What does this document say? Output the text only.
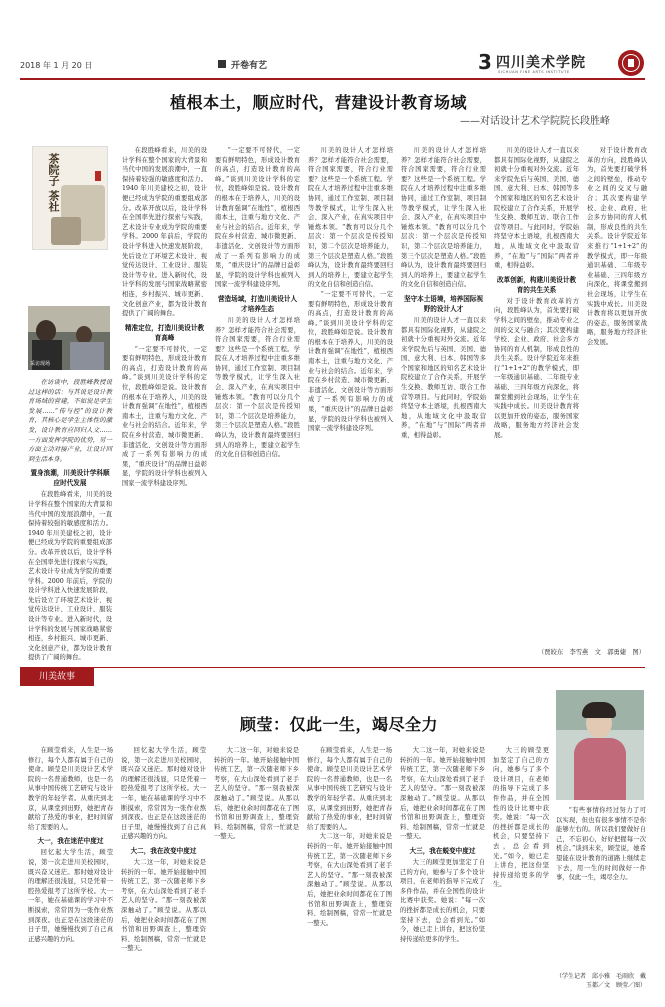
2018 年 1 月 20 日	开卷有艺	3 四川美术学院
SICHUAN FINE ARTS INSTITUTE
植根本土，顺应时代，营建设计教育场域
——对话设计艺术学院院长段胜峰
茶院子 茶社
采访现场
在访谈中，段胜峰教授说过这样的话：与其说是设计教育场域的营建，不如说是学生发展……“传与控”的设计教育，其核心是学生主体性的激发，设计教育应回归人文……一方面发挥学院的优势，另一方面主动对接产业，让设计回到生活本身。
置身浪潮，川美设计学科顺应时代发展
在段胜峰看来，川美的设计学科在整个国家的大背景和当代中国的发展浪潮中，一直保持着较强的敏感度和活力。1940 年川美建校之初，设计便已经成为学院的重要组成部分。改革开放以后，设计学科在全国率先进行探索与实践，艺术设计专业成为学院的重要学科。2000 年前后，学院的设计学科进入快速发展阶段，先后设立了环境艺术设计、视觉传达设计、工业设计、服装设计等专业。进入新时代，设计学科的发展与国家战略紧密相连，乡村振兴、城市更新、文化创意产业，都为设计教育提供了广阔的舞台。
在段胜峰看来，川美的设计学科在整个国家的大背景和当代中国的发展浪潮中，一直保持着较强的敏感度和活力。1940 年川美建校之初，设计便已经成为学院的重要组成部分。改革开放以后，设计学科在全国率先进行探索与实践，艺术设计专业成为学院的重要学科。2000 年前后，学院的设计学科进入快速发展阶段，先后设立了环境艺术设计、视觉传达设计、工业设计、服装设计等专业。进入新时代，设计学科的发展与国家战略紧密相连，乡村振兴、城市更新、文化创意产业，都为设计教育提供了广阔的舞台。
精准定位，打造川美设计教育高峰
“一定要不可替代，一定要有鲜明特色，形成设计教育的高点，打造设计教育的高峰。”谈到川美设计学科的定位，段胜峰如是说。设计教育的根本在于培养人，川美的设计教育强调“在地性”，植根西南本土，注重与地方文化、产业与社会的结合。近年来，学院在乡村营造、城市微更新、非遗活化、文创设计等方面形成了一系列有影响力的成果，“重庆设计”的品牌日益彰显，学院的设计学科也被列入国家一流学科建设序列。
“一定要不可替代，一定要有鲜明特色，形成设计教育的高点，打造设计教育的高峰。”谈到川美设计学科的定位，段胜峰如是说。设计教育的根本在于培养人，川美的设计教育强调“在地性”，植根西南本土，注重与地方文化、产业与社会的结合。近年来，学院在乡村营造、城市微更新、非遗活化、文创设计等方面形成了一系列有影响力的成果，“重庆设计”的品牌日益彰显，学院的设计学科也被列入国家一流学科建设序列。
营造场域，打造川美设计人才培养生态
川美的设计人才怎样培养？怎样才能符合社会需要，符合国家需要，符合行业需要？这些是一个系统工程。学院在人才培养过程中注重多维协同，通过工作室制、项目制等教学模式，让学生深入社会、深入产业，在真实项目中锤炼本领。“教育可以分几个层次：第一个层次是传授知识，第二个层次是培养能力，第三个层次是塑造人格。”段胜峰认为，设计教育最终要回归到人的培养上，要建立起学生的文化自信和创造自信。
川美的设计人才怎样培养？怎样才能符合社会需要，符合国家需要，符合行业需要？这些是一个系统工程。学院在人才培养过程中注重多维协同，通过工作室制、项目制等教学模式，让学生深入社会、深入产业，在真实项目中锤炼本领。“教育可以分几个层次：第一个层次是传授知识，第二个层次是培养能力，第三个层次是塑造人格。”段胜峰认为，设计教育最终要回归到人的培养上，要建立起学生的文化自信和创造自信。
“一定要不可替代，一定要有鲜明特色，形成设计教育的高点，打造设计教育的高峰。”谈到川美设计学科的定位，段胜峰如是说。设计教育的根本在于培养人，川美的设计教育强调“在地性”，植根西南本土，注重与地方文化、产业与社会的结合。近年来，学院在乡村营造、城市微更新、非遗活化、文创设计等方面形成了一系列有影响力的成果，“重庆设计”的品牌日益彰显，学院的设计学科也被列入国家一流学科建设序列。
川美的设计人才怎样培养？怎样才能符合社会需要，符合国家需要，符合行业需要？这些是一个系统工程。学院在人才培养过程中注重多维协同，通过工作室制、项目制等教学模式，让学生深入社会、深入产业，在真实项目中锤炼本领。“教育可以分几个层次：第一个层次是传授知识，第二个层次是培养能力，第三个层次是塑造人格。”段胜峰认为，设计教育最终要回归到人的培养上，要建立起学生的文化自信和创造自信。
坚守本土语境，培养国际视野的设计人才
川美的设计人才一直以来都具有国际化视野，从建院之初就十分重视对外交流。近年来学院先后与英国、美国、德国、意大利、日本、韩国等多个国家和地区的知名艺术设计院校建立了合作关系，开展学生交换、教师互访、联合工作营等项目。与此同时，学院始终坚守本土语境，扎根西南大地，从地域文化中汲取营养，“在地”与“国际”两者并重，相得益彰。
川美的设计人才一直以来都具有国际化视野，从建院之初就十分重视对外交流。近年来学院先后与英国、美国、德国、意大利、日本、韩国等多个国家和地区的知名艺术设计院校建立了合作关系，开展学生交换、教师互访、联合工作营等项目。与此同时，学院始终坚守本土语境，扎根西南大地，从地域文化中汲取营养，“在地”与“国际”两者并重，相得益彰。
改革创新，构建川美设计教育的共生关系
对于设计教育改革的方向，段胜峰认为，首先要打破学科之间的壁垒，推动专业之间的交叉与融合；其次要构建学校、企业、政府、社会多方协同的育人机制，形成良性的共生关系。设计学院近年来推行“1+1+2”的教学模式，即一年级通识基础、二年级专业基础、三四年级方向深化，将课堂搬到社会现场，让学生在实践中成长。川美设计教育将以更加开放的姿态，服务国家战略，服务地方经济社会发展。
对于设计教育改革的方向，段胜峰认为，首先要打破学科之间的壁垒，推动专业之间的交叉与融合；其次要构建学校、企业、政府、社会多方协同的育人机制，形成良性的共生关系。设计学院近年来推行“1+1+2”的教学模式，即一年级通识基础、二年级专业基础、三四年级方向深化，将课堂搬到社会现场，让学生在实践中成长。川美设计教育将以更加开放的姿态，服务国家战略，服务地方经济社会发展。
（贾皎东　李雪燕　文　郭勇婕　图）
川美故事
顾莹：仅此一生，竭尽全力
在顾莹看来，人生是一场修行，每个人都有属于自己的使命。顾莹是川美设计艺术学院的一名普通教师，也是一名从事中国传统工艺研究与设计教学的年轻学者。从重庆到北京，从课堂到田野，她把青春献给了热爱的事业，把时间留给了需要的人。
大一，我在迷茫中度过
回忆起大学生活，顾莹说，第一次走进川美校园时，既兴奋又迷茫。那时她对设计的理解还很浅显，只是凭着一腔热爱报考了这所学校。大一一年，她在基础课的学习中不断摸索，常常因为一张作业熬到深夜。也正是在这段迷茫的日子里，她慢慢找到了自己真正感兴趣的方向。
回忆起大学生活，顾莹说，第一次走进川美校园时，既兴奋又迷茫。那时她对设计的理解还很浅显，只是凭着一腔热爱报考了这所学校。大一一年，她在基础课的学习中不断摸索，常常因为一张作业熬到深夜。也正是在这段迷茫的日子里，她慢慢找到了自己真正感兴趣的方向。
大二，我在改变中度过
大二这一年，对她来说是转折的一年。她开始接触中国传统工艺，第一次随老师下乡考察，在大山深处看到了老手艺人的坚守。“那一刻我被深深触动了。”顾莹说。从那以后，她把业余时间都花在了图书馆和田野调查上，整理资料、绘制图稿，常常一忙就是一整天。
大二这一年，对她来说是转折的一年。她开始接触中国传统工艺，第一次随老师下乡考察，在大山深处看到了老手艺人的坚守。“那一刻我被深深触动了。”顾莹说。从那以后，她把业余时间都花在了图书馆和田野调查上，整理资料、绘制图稿，常常一忙就是一整天。
在顾莹看来，人生是一场修行，每个人都有属于自己的使命。顾莹是川美设计艺术学院的一名普通教师，也是一名从事中国传统工艺研究与设计教学的年轻学者。从重庆到北京，从课堂到田野，她把青春献给了热爱的事业，把时间留给了需要的人。
大二这一年，对她来说是转折的一年。她开始接触中国传统工艺，第一次随老师下乡考察，在大山深处看到了老手艺人的坚守。“那一刻我被深深触动了。”顾莹说。从那以后，她把业余时间都花在了图书馆和田野调查上，整理资料、绘制图稿，常常一忙就是一整天。
大二这一年，对她来说是转折的一年。她开始接触中国传统工艺，第一次随老师下乡考察，在大山深处看到了老手艺人的坚守。“那一刻我被深深触动了。”顾莹说。从那以后，她把业余时间都花在了图书馆和田野调查上，整理资料、绘制图稿，常常一忙就是一整天。
大三，我在蜕变中度过
大三的顾莹更加坚定了自己的方向，她参与了多个设计项目，在老师的指导下完成了多件作品，并在全国性的设计比赛中获奖。她说：“每一次的挫折都是成长的机会，只要坚持下去，总会看到光。”如今，她已走上讲台，把这份坚持传递给更多的学生。
大三的顾莹更加坚定了自己的方向，她参与了多个设计项目，在老师的指导下完成了多件作品，并在全国性的设计比赛中获奖。她说：“每一次的挫折都是成长的机会，只要坚持下去，总会看到光。”如今，她已走上讲台，把这份坚持传递给更多的学生。
“有些事情你经过努力了可以实现，但也有很多事情不是你能够左右的。所以我们要做好自己，不忘初心，好好把握每一次机会。”谈到未来，顾莹说，她希望能在设计教育的道路上继续走下去，用一生的时间做好一件事，仅此一生，竭尽全力。
（学生记者　邱小雅　毛雨欣　戴玉都／文　顾莹／图）
